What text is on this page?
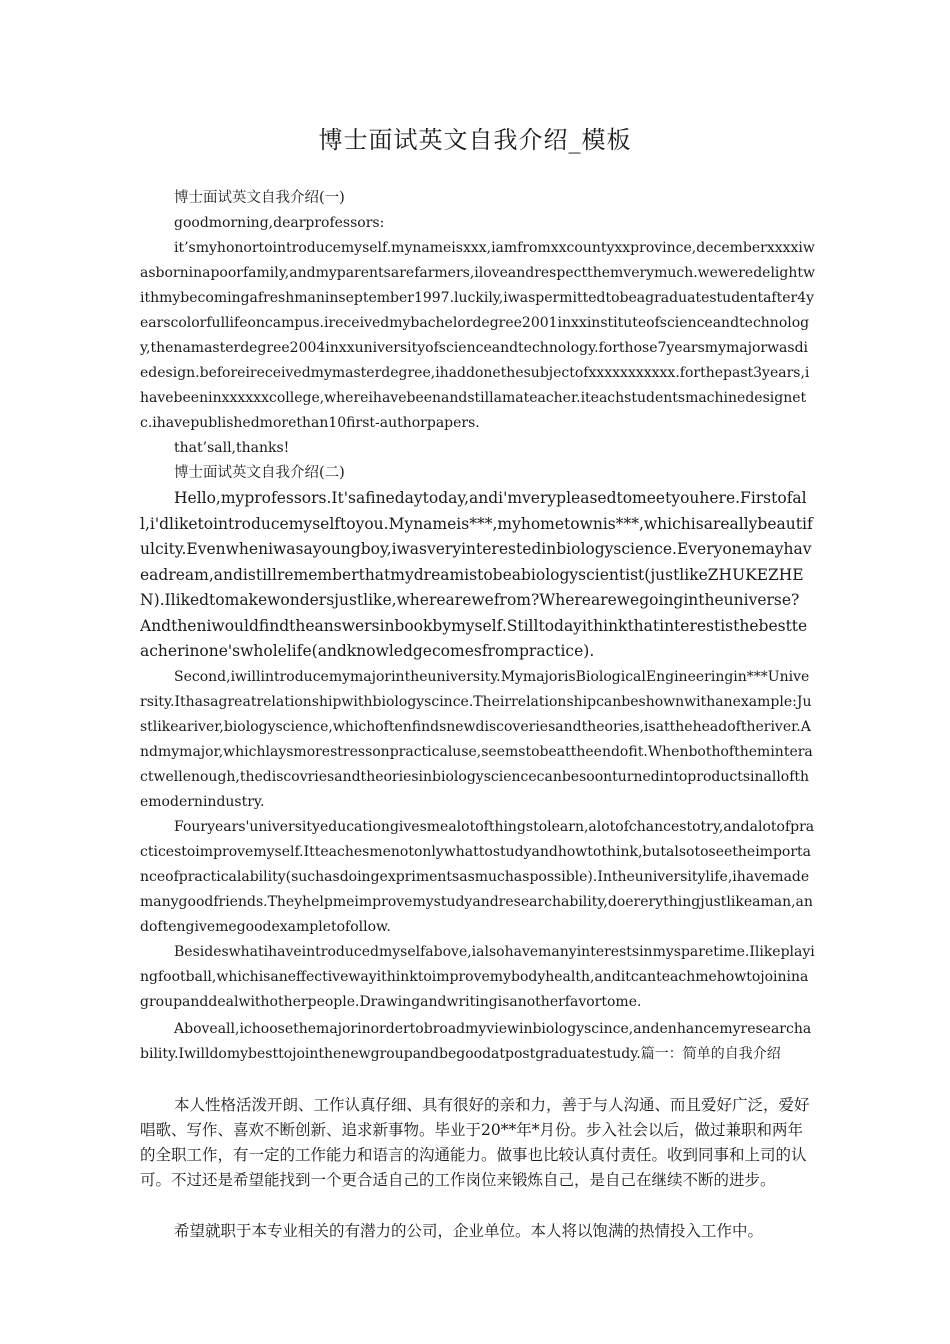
博士面试英文自我介绍_模板

博士面试英文自我介绍(一)

goodmorning,dearprofessors:

it’smyhonortointroducemyself.mynameisxxx,iamfromxxcountyxxprovince,decemberxxxxiwasborninapoorfamily,andmyparentsarefarmers,iloveandrespectthemverymuch.weweredelightwithmybecomingafreshmaninseptember1997.luckily,iwaspermittedtobeagraduatestudentafter4yearscolorfullifeoncampus.ireceivedmybachelordegree2001inxxinstituteofscienceandtechnology,thenamasterdegree2004inxxuniversityofscienceandtechnology.forthose7yearsmymajorwasdiedesign.beforeireceivedmymasterdegree,ihaddonethesubjectofxxxxxxxxxxx.forthepast3years,ihavebeeninxxxxxxcollege,whereihavebeenandstillamateacher.iteachstudentsmachinedesignetc.ihavepublishedmorethan10first-authorpapers.

that’sall,thanks!

博士面试英文自我介绍(二)

Hello,myprofessors.It'safinedaytoday,andi'mverypleasedtomeetyouhere.Firstofall,i'dliketointroducemyselftoyou.Mynameis***,myhometownis***,whichisareallybeautifulcity.Evenwheniwasayoungboy,iwasveryinterestedinbiologyscience.Everyonemayhaveadream,andistillrememberthatmydreamistobeabiologyscientist(justlikeZHUKEZHEN).Ilikedtomakewondersjustlike,wherearewefrom?Wherearewegoingintheuniverse?

Andtheniwouldfindtheanswersinbookbymyself.Stilltodayithinkthatinterestisthebestteacherinone'swholelife(andknowledgecomesfrompractice).

Second,iwillintroducemymajorintheuniversity.MymajorisBiologicalEngineeringin***University.Ithasagreatrelationshipwithbiologyscince.Theirrelationshipcanbeshownwithanexample:Justlikeariver,biologyscience,whichoftenfindsnewdiscoveriesandtheories,isattheheadoftheriver.Andmymajor,whichlaysmorestressonpracticaluse,seemstobeattheendofit.Whenbothoftheminteractwellenough,thediscovriesandtheoriesinbiologysciencecanbesoonturnedintoproductsinallofthemodernindustry.

Fouryears'universityeducationgivesmealotofthingstolearn,alotofchancestotry,andalotofpracticestoimprovemyself.Itteachesmenotonlywhattostudyandhowtothink,butalsotoseetheimportanceofpracticalability(suchasdoingexprimentsasmuchaspossible).Intheuniversitylife,ihavemademanygoodfriends.Theyhelpmeimprovemystudyandresearchability,doererythingjustlikeaman,andoftengivemegoodexampletofollow.

Besideswhatihaveintroducedmyselfabove,ialsohavemanyinterestsinmysparetime.Ilikeplayingfootball,whichisaneffectivewayithinktoimprovemybodyhealth,anditcanteachmehowtojoininagroupanddealwithotherpeople.Drawingandwritingisanotherfavortome.

Aboveall,ichoosethemajorinordertobroadmyviewinbiologyscince,andenhancemyresearchability.Iwilldomybesttojointhenewgroupandbegoodatpostgraduatestudy.篇一：简单的自我介绍

本人性格活泼开朗、工作认真仔细、具有很好的亲和力，善于与人沟通、而且爱好广泛，爱好唱歌、写作、喜欢不断创新、追求新事物。毕业于20**年*月份。步入社会以后，做过兼职和两年的全职工作，有一定的工作能力和语言的沟通能力。做事也比较认真付责任。收到同事和上司的认可。不过还是希望能找到一个更合适自己的工作岗位来锻炼自己，是自己在继续不断的进步。

希望就职于本专业相关的有潜力的公司，企业单位。本人将以饱满的热情投入工作中。
